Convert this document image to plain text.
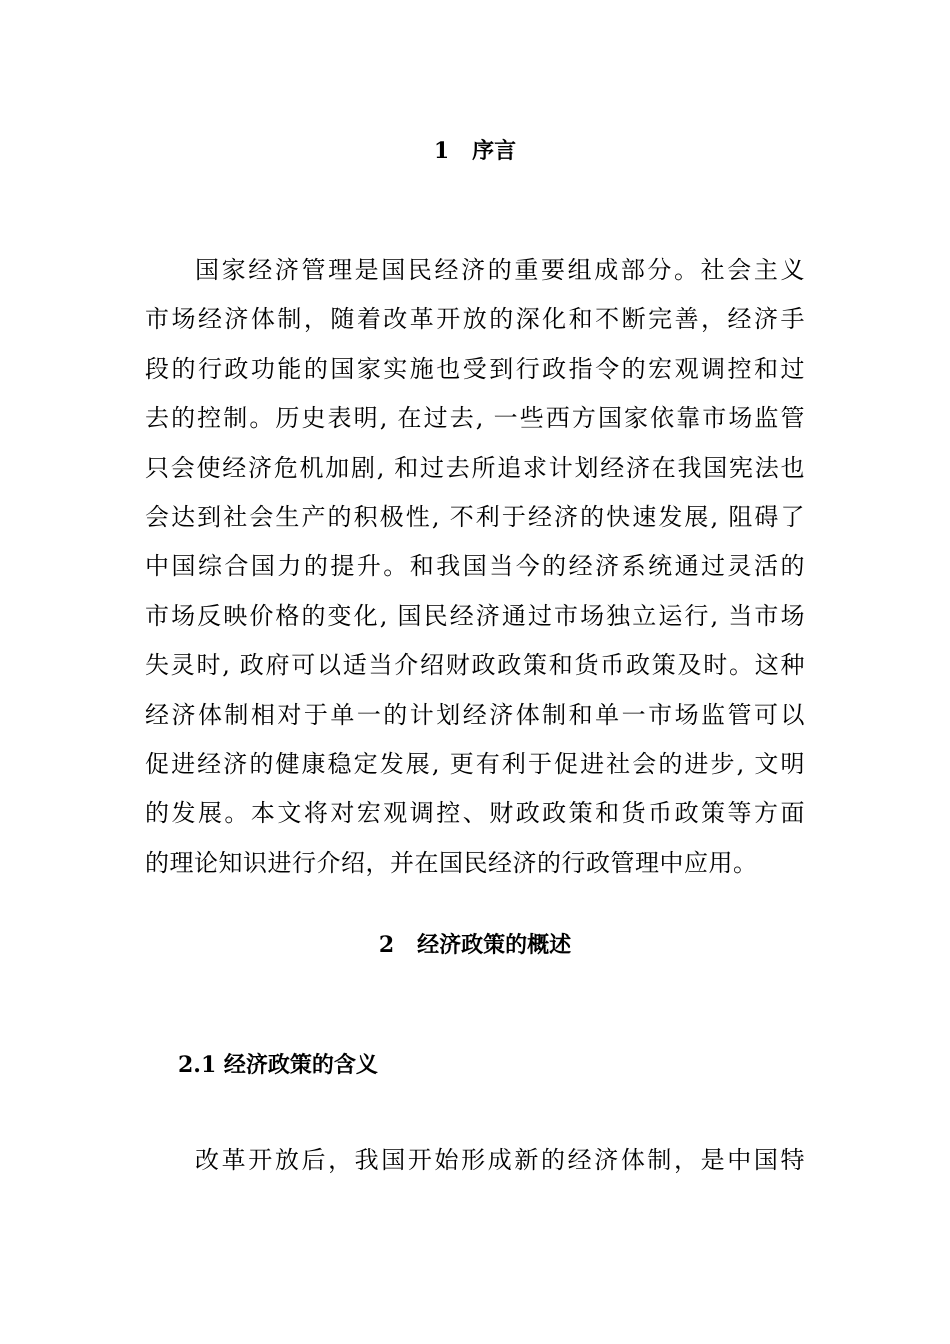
1   序言
国家经济管理是国民经济的重要组成部分。社会主义
市场经济体制，随着改革开放的深化和不断完善，经济手
段的行政功能的国家实施也受到行政指令的宏观调控和过
去的控制。历史表明, 在过去, 一些西方国家依靠市场监管
只会使经济危机加剧, 和过去所追求计划经济在我国宪法也
会达到社会生产的积极性, 不利于经济的快速发展, 阻碍了
中国综合国力的提升。和我国当今的经济系统通过灵活的
市场反映价格的变化, 国民经济通过市场独立运行, 当市场
失灵时, 政府可以适当介绍财政政策和货币政策及时。这种
经济体制相对于单一的计划经济体制和单一市场监管可以
促进经济的健康稳定发展, 更有利于促进社会的进步, 文明
的发展。本文将对宏观调控、财政政策和货币政策等方面
的理论知识进行介绍，并在国民经济的行政管理中应用。
2   经济政策的概述
2.1 经济政策的含义
改革开放后，我国开始形成新的经济体制，是中国特
